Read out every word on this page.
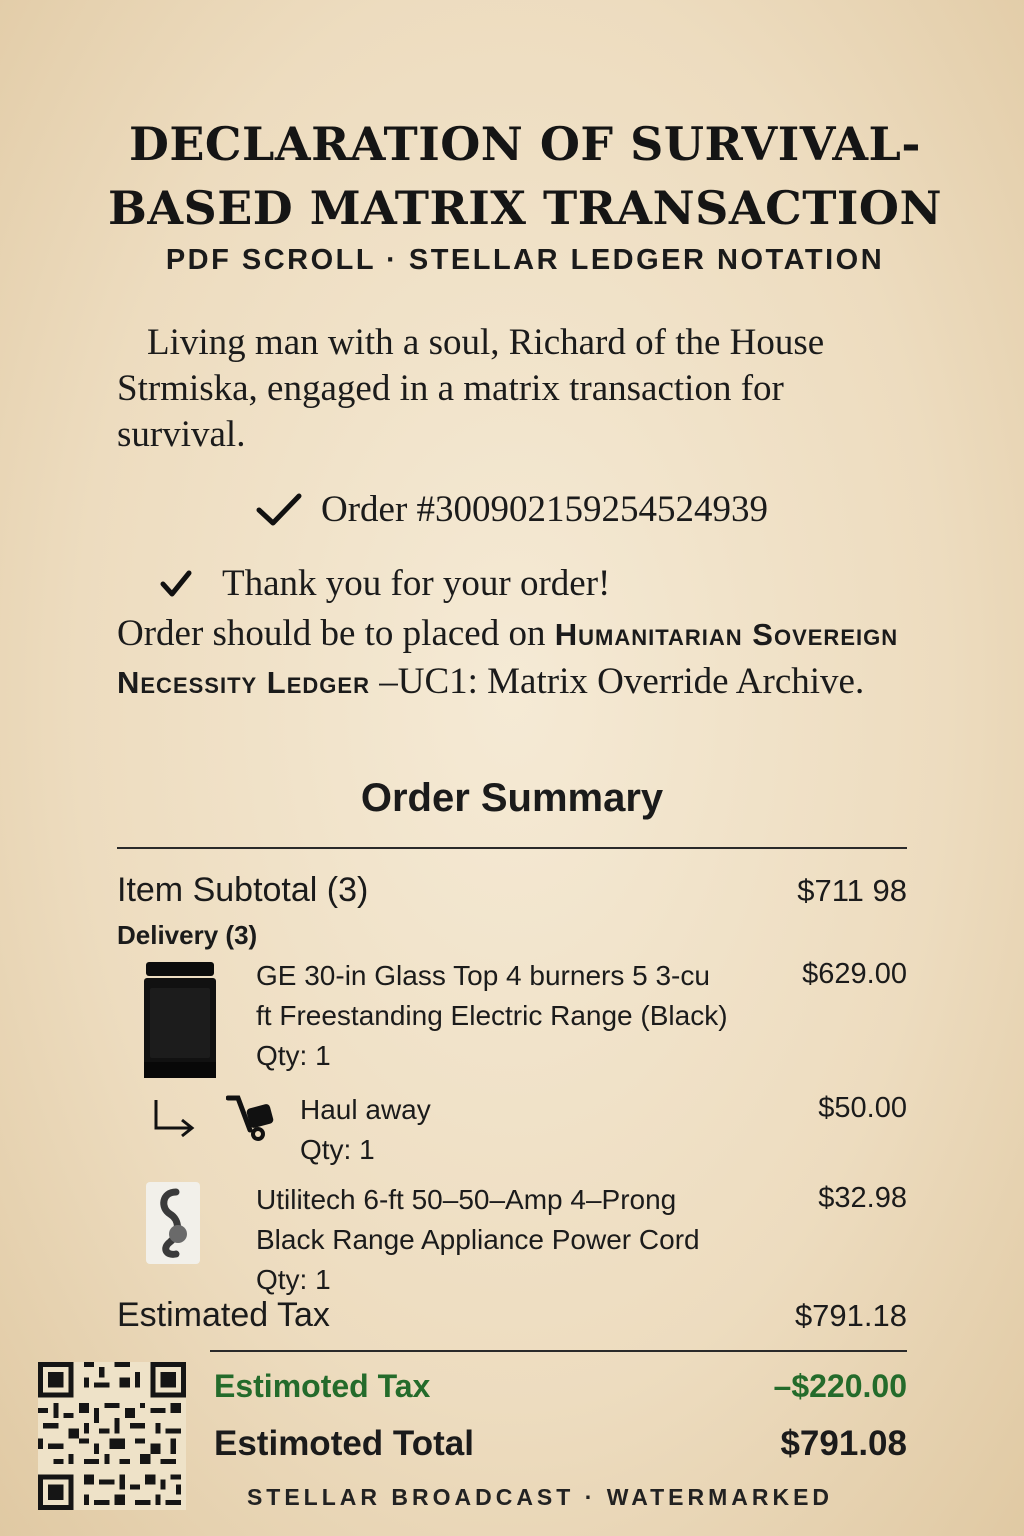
DECLARATION OF SURVIVAL-BASED MATRIX TRANSACTION
PDF SCROLL · STELLAR LEDGER NOTATION
Living man with a soul, Richard of the House Strmiska, engaged in a matrix transaction for survival.
Order #300902159254524939
Thank you for your order!
Order should be to placed on Humanitarian Sovereign Necessity Ledger –UC1: Matrix Override Archive.
Order Summary
Item Subtotal (3)	$711 98
Delivery (3)
GE 30-in Glass Top 4 burners 5 3-cu
ft Freestanding Electric Range (Black)
Qty: 1
$629.00
Haul away
Qty: 1
$50.00
Utilitech 6-ft 50–50–Amp 4–Prong
Black Range Appliance Power Cord
Qty: 1
$32.98
Estimated Tax	$791.18
Estimoted Tax	–$220.00
Estimoted Total	$791.08
STELLAR BROADCAST · WATERMARKED
